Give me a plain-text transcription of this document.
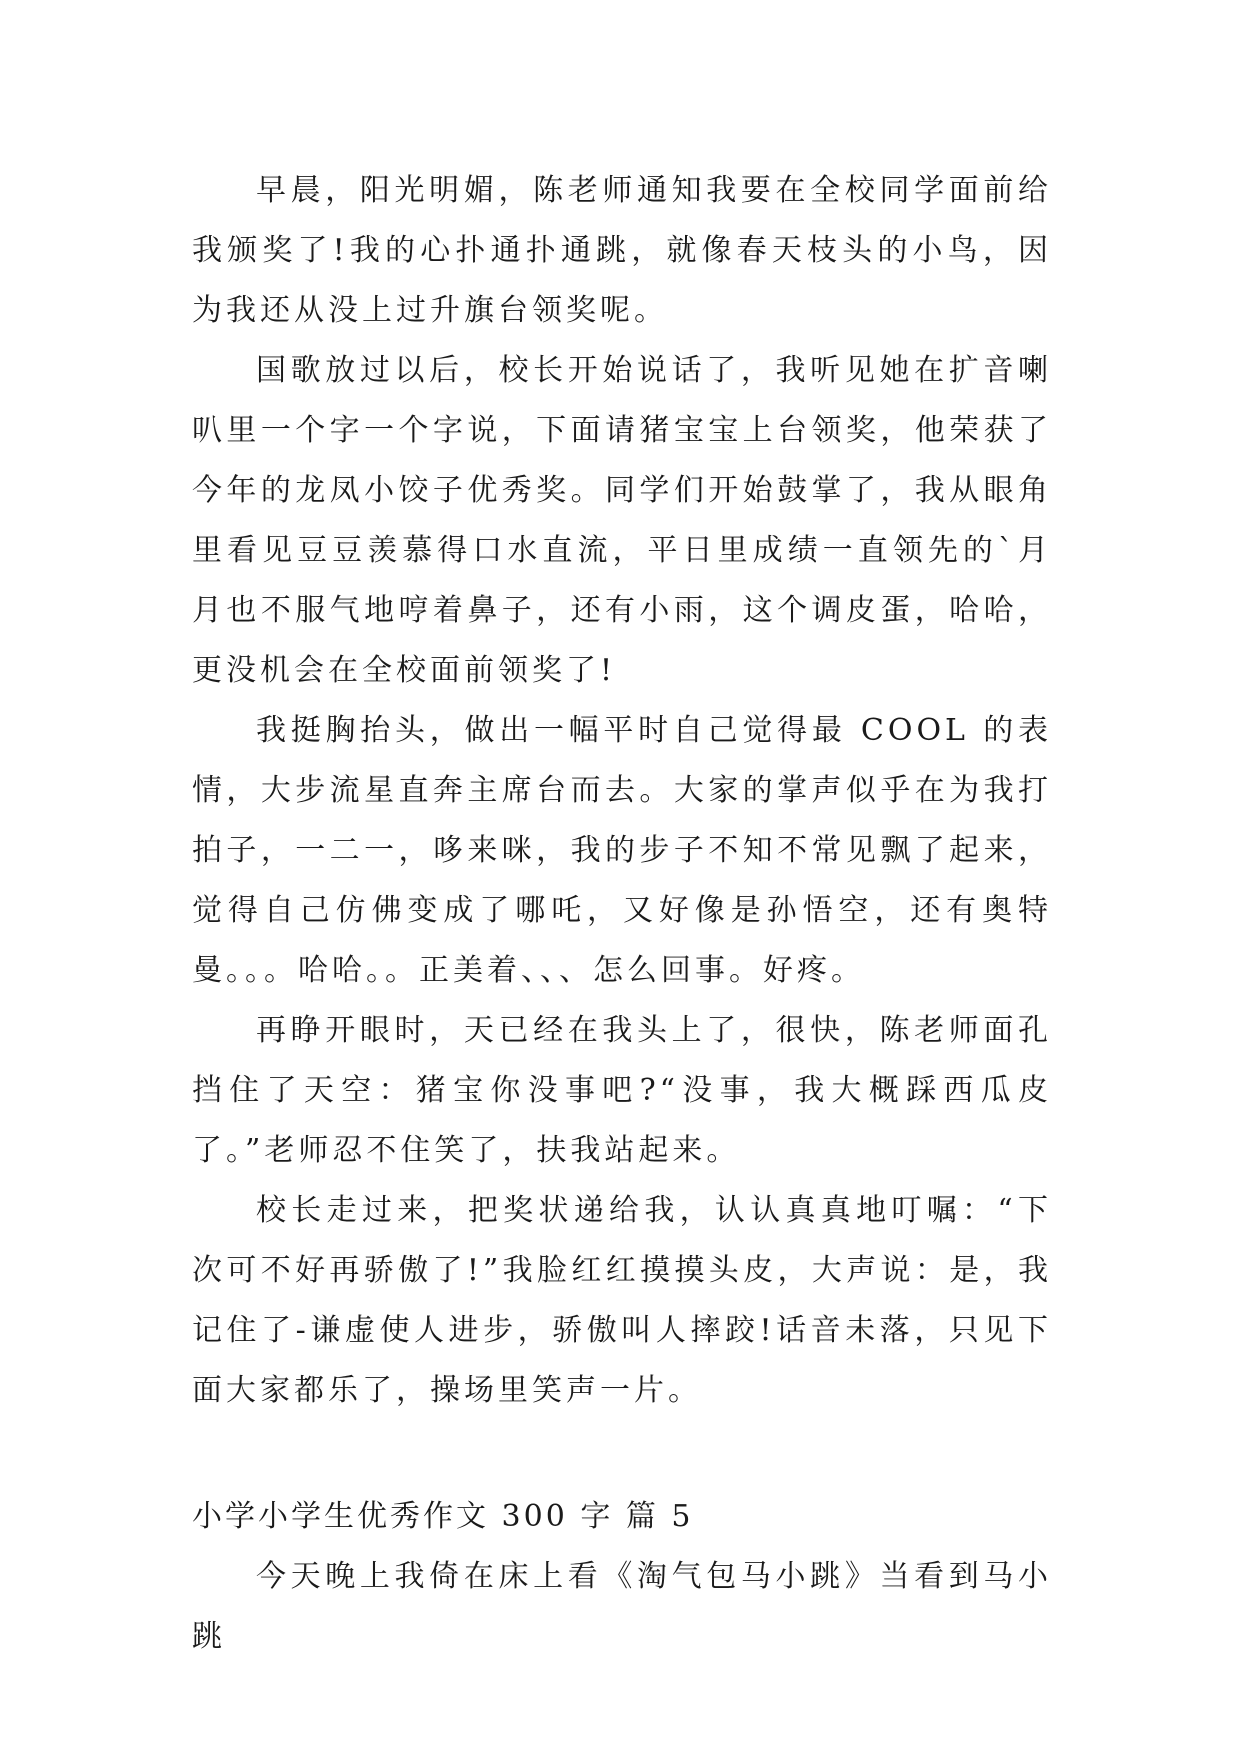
早晨，阳光明媚，陈老师通知我要在全校同学面前给我颁奖了!我的心扑通扑通跳，就像春天枝头的小鸟，因为我还从没上过升旗台领奖呢。

国歌放过以后，校长开始说话了，我听见她在扩音喇叭里一个字一个字说，下面请猪宝宝上台领奖，他荣获了今年的龙凤小饺子优秀奖。同学们开始鼓掌了，我从眼角里看见豆豆羡慕得口水直流，平日里成绩一直领先的`月月也不服气地哼着鼻子，还有小雨，这个调皮蛋，哈哈，更没机会在全校面前领奖了!

我挺胸抬头，做出一幅平时自己觉得最 COOL 的表情，大步流星直奔主席台而去。大家的掌声似乎在为我打拍子，一二一，哆来咪，我的步子不知不常见飘了起来，觉得自己仿佛变成了哪吒，又好像是孙悟空，还有奥特曼。。。哈哈。。正美着、、、怎么回事。好疼。

再睁开眼时，天已经在我头上了，很快，陈老师面孔挡住了天空：猪宝你没事吧?“没事，我大概踩西瓜皮了。”老师忍不住笑了，扶我站起来。

校长走过来，把奖状递给我，认认真真地叮嘱：“下次可不好再骄傲了!”我脸红红摸摸头皮，大声说：是，我记住了-谦虚使人进步，骄傲叫人摔跤!话音未落，只见下面大家都乐了，操场里笑声一片。

小学小学生优秀作文 300 字 篇 5

今天晚上我倚在床上看《淘气包马小跳》当看到马小跳
